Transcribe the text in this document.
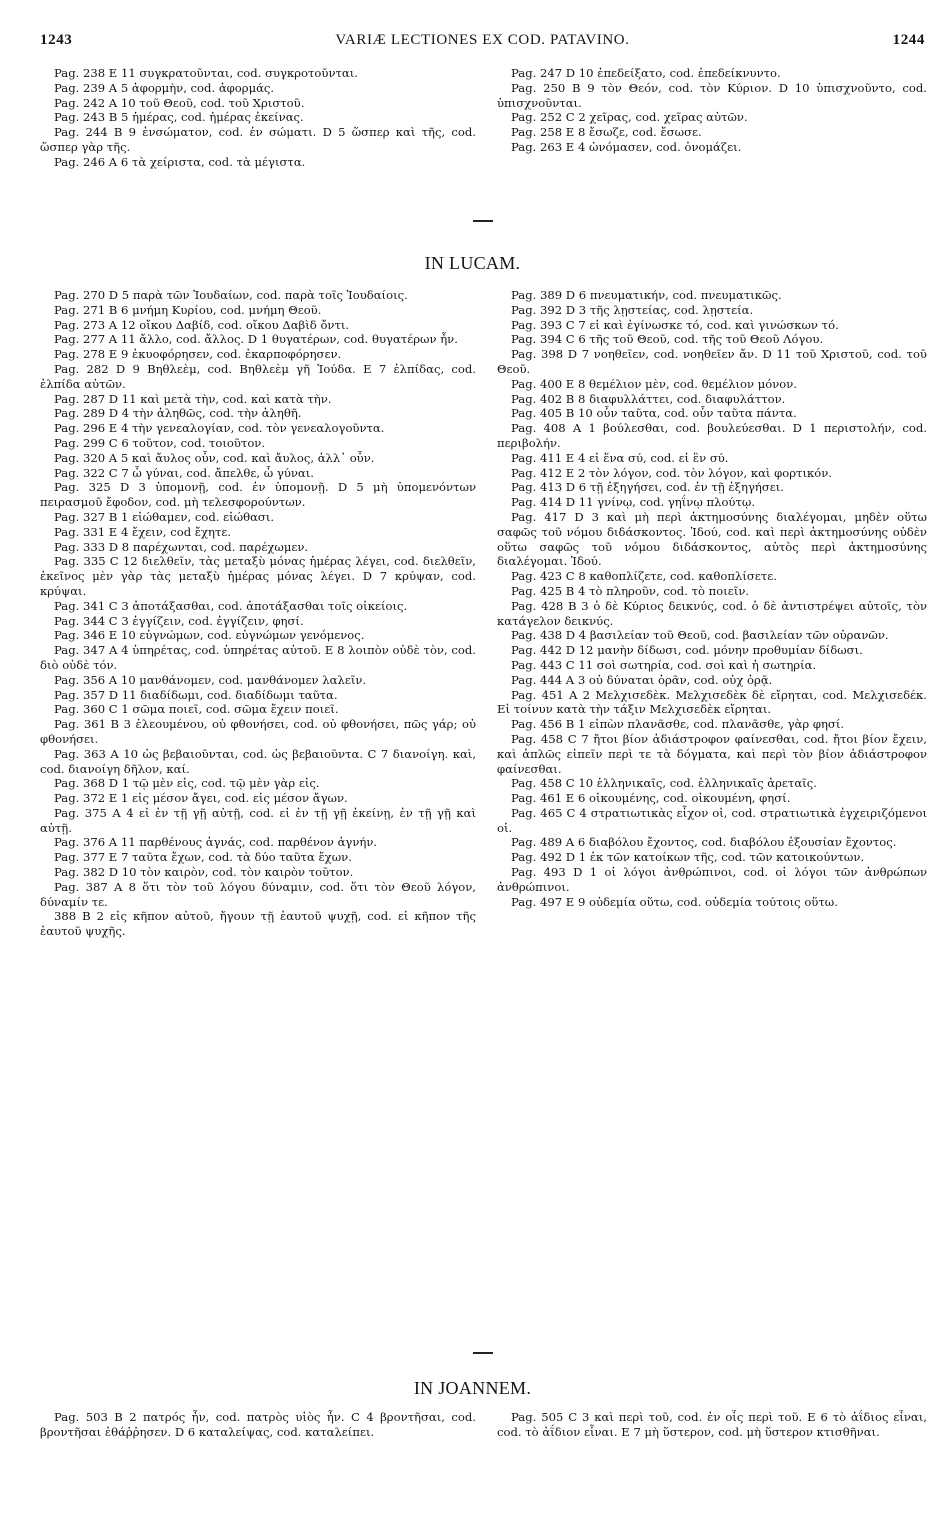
1243	VARIÆ LECTIONES EX COD. PATAVINO.	1244

Pag. 238 E 11 συγκρατοῦνται, cod. συγκροτοῦνται.

Pag. 239 A 5 ἀφορμὴν, cod. ἀφορμάς.

Pag. 242 A 10 τοῦ Θεοῦ, cod. τοῦ Χριστοῦ.

Pag. 243 B 5 ἡμέρας, cod. ἡμέρας ἐκείνας.

Pag. 244 B 9 ἐνσώματον, cod. ἐν σώματι. D 5 ὥσπερ καὶ τῆς, cod. ὥσπερ γὰρ τῆς.

Pag. 246 A 6 τὰ χείριστα, cod. τὰ μέγιστα.

Pag. 247 D 10 ἐπεδείξατο, cod. ἐπεδείκνυντο.

Pag. 250 B 9 τὸν Θεόν, cod. τὸν Κύριον. D 10 ὑπισχνοῦντο, cod. ὑπισχνοῦνται.

Pag. 252 C 2 χεῖρας, cod. χεῖρας αὐτῶν.

Pag. 258 E 8 ἔσωζε, cod. ἔσωσε.

Pag. 263 E 4 ὠνόμασεν, cod. ὀνομάζει.

IN LUCAM.

Pag. 270 D 5 παρὰ τῶν Ἰουδαίων, cod. παρὰ τοῖς Ἰουδαίοις.

Pag. 271 B 6 μνήμη Κυρίου, cod. μνήμη Θεοῦ.

Pag. 273 A 12 οἴκου Δαβίδ, cod. οἴκου Δαβὶδ ὄντι.

Pag. 277 A 11 ἄλλο, cod. ἄλλος. D 1 θυγατέρων, cod. θυγατέρων ἦν.

Pag. 278 E 9 ἐκυοφόρησεν, cod. ἐκαρποφόρησεν.

Pag. 282 D 9 Βηθλεὲμ, cod. Βηθλεὲμ γῆ Ἰούδα. E 7 ἐλπίδας, cod. ἐλπίδα αὐτῶν.

Pag. 287 D 11 καὶ μετὰ τὴν, cod. καὶ κατὰ τὴν.

Pag. 289 D 4 τὴν ἀληθῶς, cod. τὴν ἀληθῆ.

Pag. 296 E 4 τὴν γενεαλογίαν, cod. τὸν γενεαλογοῦντα.

Pag. 299 C 6 τοῦτον, cod. τοιοῦτον.

Pag. 320 A 5 καὶ ἄυλος οὖν, cod. καὶ ἄυλος, ἀλλ᾽ οὖν.

Pag. 322 C 7 ὦ γύναι, cod. ἄπελθε, ὦ γύναι.

Pag. 325 D 3 ὑπομονῇ, cod. ἐν ὑπομονῇ. D 5 μὴ ὑπομενόντων πειρασμοῦ ἔφοδον, cod. μὴ τελεσφορούντων.

Pag. 327 B 1 εἰώθαμεν, cod. εἰώθασι.

Pag. 331 E 4 ἔχειν, cod ἔχητε.

Pag. 333 D 8 παρέχωνται, cod. παρέχωμεν.

Pag. 335 C 12 διελθεῖν, τὰς μεταξὺ μόνας ἡμέρας λέγει, cod. διελθεῖν, ἐκεῖνος μὲν γὰρ τὰς μεταξὺ ἡμέρας μόνας λέγει. D 7 κρύψαν, cod. κρύψαι.

Pag. 341 C 3 ἀποτάξασθαι, cod. ἀποτάξασθαι τοῖς οἰκείοις.

Pag. 344 C 3 ἐγγίζειν, cod. ἐγγίζειν, φησί.

Pag. 346 E 10 εὐγνώμων, cod. εὐγνώμων γενόμενος.

Pag. 347 A 4 ὑπηρέτας, cod. ὑπηρέτας αὐτοῦ. E 8 λοιπὸν οὐδὲ τὸν, cod. διὸ οὐδὲ τόν.

Pag. 356 A 10 μανθάνομεν, cod. μανθάνομεν λαλεῖν.

Pag. 357 D 11 διαδίδωμι, cod. διαδίδωμι ταῦτα.

Pag. 360 C 1 σῶμα ποιεῖ, cod. σῶμα ἔχειν ποιεῖ.

Pag. 361 B 3 ἐλεουμένου, οὐ φθονήσει, cod. οὐ φθονήσει, πῶς γάρ; οὐ φθονήσει.

Pag. 363 A 10 ὡς βεβαιοῦνται, cod. ὡς βεβαιοῦντα. C 7 διανοίγη. καὶ, cod. διανοίγη δῆλον, καί.

Pag. 368 D 1 τῷ μὲν εἰς, cod. τῷ μὲν γὰρ εἰς.

Pag. 372 E 1 εἰς μέσον ἄγει, cod. εἰς μέσον ἄγων.

Pag. 375 A 4 εἰ ἐν τῇ γῇ αὐτῇ, cod. εἰ ἐν τῇ γῇ ἐκείνῃ, ἐν τῇ γῇ καὶ αὐτῇ.

Pag. 376 A 11 παρθένους ἁγνάς, cod. παρθένον ἁγνήν.

Pag. 377 E 7 ταῦτα ἔχων, cod. τὰ δύο ταῦτα ἔχων.

Pag. 382 D 10 τὸν καιρὸν, cod. τὸν καιρὸν τοῦτον.

Pag. 387 A 8 ὅτι τὸν τοῦ λόγου δύναμιν, cod. ὅτι τὸν Θεοῦ λόγον, δύναμίν τε.

388 B 2 εἰς κῆπον αὐτοῦ, ἤγουν τῇ ἑαυτοῦ ψυχῇ, cod. εἰ κῆπον τῆς ἑαυτοῦ ψυχῆς.

Pag. 389 D 6 πνευματικήν, cod. πνευματικῶς.

Pag. 392 D 3 τῆς λῃστείας, cod. λῃστεία.

Pag. 393 C 7 εἰ καὶ ἐγίνωσκε τό, cod. καὶ γινώσκων τό.

Pag. 394 C 6 τῆς τοῦ Θεοῦ, cod. τῆς τοῦ Θεοῦ Λόγου.

Pag. 398 D 7 νοηθεῖεν, cod. νοηθεῖεν ἄν. D 11 τοῦ Χριστοῦ, cod. τοῦ Θεοῦ.

Pag. 400 E 8 θεμέλιον μὲν, cod. θεμέλιον μόνον.

Pag. 402 B 8 διαφυλλάττει, cod. διαφυλάττον.

Pag. 405 B 10 οὖν ταῦτα, cod. οὖν ταῦτα πάντα.

Pag. 408 A 1 βούλεσθαι, cod. βουλεύεσθαι. D 1 περιστολήν, cod. περιβολήν.

Pag. 411 E 4 εἰ ἕνα σύ, cod. εἰ ἓν σύ.

Pag. 412 E 2 τὸν λόγον, cod. τὸν λόγον, καὶ φορτικόν.

Pag. 413 D 6 τῇ ἐξηγήσει, cod. ἐν τῇ ἐξηγήσει.

Pag. 414 D 11 γνίνῳ, cod. γηΐνῳ πλούτῳ.

Pag. 417 D 3 καὶ μὴ περὶ ἀκτημοσύνης διαλέγομαι, μηδὲν οὕτω σαφῶς τοῦ νόμου διδάσκοντος. Ἰδού, cod. καὶ περὶ ἀκτημοσύνης οὐδὲν οὕτω σαφῶς τοῦ νόμου διδάσκοντος, αὐτὸς περὶ ἀκτημοσύνης διαλέγομαι. Ἰδού.

Pag. 423 C 8 καθοπλίζετε, cod. καθοπλίσετε.

Pag. 425 B 4 τὸ πληροῦν, cod. τὸ ποιεῖν.

Pag. 428 B 3 ὁ δὲ Κύριος δεικνύς, cod. ὁ δὲ ἀντιστρέψει αὐτοῖς, τὸν κατάγελον δεικνύς.

Pag. 438 D 4 βασιλείαν τοῦ Θεοῦ, cod. βασιλείαν τῶν οὐρανῶν.

Pag. 442 D 12 μανὴν δίδωσι, cod. μόνην προθυμίαν δίδωσι.

Pag. 443 C 11 σοὶ σωτηρία, cod. σοὶ καὶ ἡ σωτηρία.

Pag. 444 A 3 οὐ δύναται ὁρᾶν, cod. οὐχ ὁρᾷ.

Pag. 451 A 2 Μελχισεδὲκ. Μελχισεδὲκ δὲ εἴρηται, cod. Μελχισεδέκ. Εἰ τοίνυν κατὰ τὴν τάξιν Μελχισεδὲκ εἴρηται.

Pag. 456 B 1 εἰπὼν πλανᾶσθε, cod. πλανᾶσθε, γὰρ φησί.

Pag. 458 C 7 ἤτοι βίον ἀδιάστροφον φαίνεσθαι, cod. ἤτοι βίον ἔχειν, καὶ ἁπλῶς εἰπεῖν περὶ τε τὰ δόγματα, καὶ περὶ τὸν βίον ἀδιάστροφον φαίνεσθαι.

Pag. 458 C 10 ἑλληνικαῖς, cod. ἑλληνικαῖς ἀρεταῖς.

Pag. 461 E 6 οἰκουμένης, cod. οἰκουμένη, φησί.

Pag. 465 C 4 στρατιωτικὰς εἶχον οἱ, cod. στρατιωτικὰ ἐγχειριζόμενοι οἱ.

Pag. 489 A 6 διαβόλου ἔχοντος, cod. διαβόλου ἐξουσίαν ἔχοντος.

Pag. 492 D 1 ἐκ τῶν κατοίκων τῆς, cod. τῶν κατοικούντων.

Pag. 493 D 1 οἱ λόγοι ἀνθρώπινοι, cod. οἱ λόγοι τῶν ἀνθρώπων ἀνθρώπινοι.

Pag. 497 E 9 οὐδεμία οὕτω, cod. οὐδεμία τούτοις οὕτω.

IN JOANNEM.

Pag. 503 B 2 πατρός ἦν, cod. πατρὸς υἱὸς ἦν. C 4 βροντῆσαι, cod. βροντῆσαι ἐθάῤῥησεν. D 6 καταλείψας, cod. καταλείπει.

Pag. 505 C 3 καὶ περὶ τοῦ, cod. ἐν οἷς περὶ τοῦ. E 6 τὸ ἀΐδιος εἶναι, cod. τὸ ἀΐδιον εἶναι. E 7 μὴ ὕστερον, cod. μὴ ὕστερον κτισθῆναι.
